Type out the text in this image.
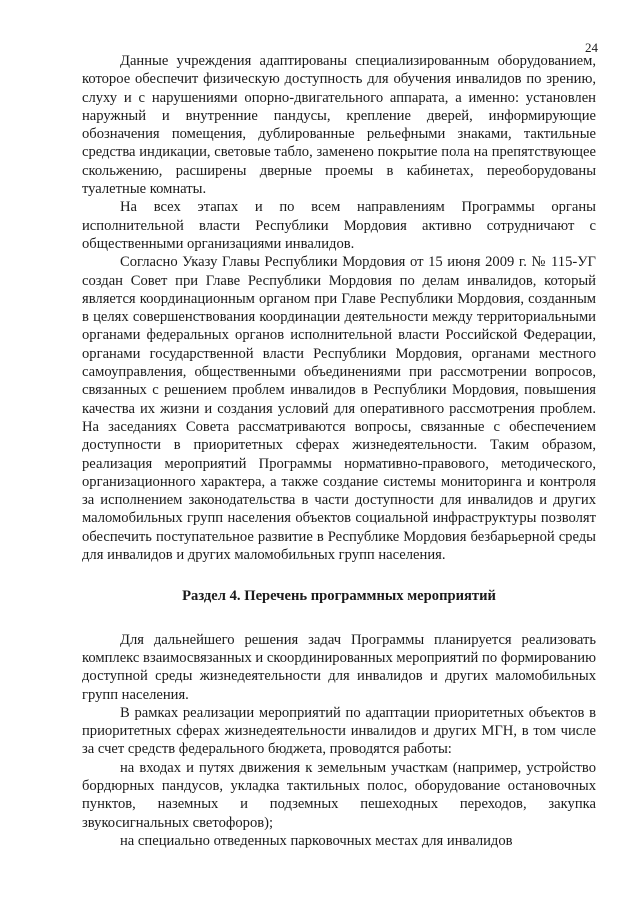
24

Данные учреждения адаптированы специализированным оборудованием, которое обеспечит физическую доступность для обучения инвалидов по зрению, слуху и с нарушениями опорно-двигательного аппарата, а именно: установлен наружный и внутренние пандусы, крепление дверей, информирующие обозначения помещения, дублированные рельефными знаками, тактильные средства индикации, световые табло, заменено покрытие пола на препятствующее скольжению, расширены дверные проемы в кабинетах, переоборудованы туалетные комнаты.

На всех этапах и по всем направлениям Программы органы исполнительной власти Республики Мордовия активно сотрудничают с общественными организациями инвалидов.

Согласно Указу Главы Республики Мордовия от 15 июня 2009 г. № 115-УГ создан Совет при Главе Республики Мордовия по делам инвалидов, который является координационным органом при Главе Республики Мордовия, созданным в целях совершенствования координации деятельности между территориальными органами федеральных органов исполнительной власти Российской Федерации, органами государственной власти Республики Мордовия, органами местного самоуправления, общественными объединениями при рассмотрении вопросов, связанных с решением проблем инвалидов в Республики Мордовия, повышения качества их жизни и создания условий для оперативного рассмотрения проблем. На заседаниях Совета рассматриваются вопросы, связанные с обеспечением доступности в приоритетных сферах жизнедеятельности. Таким образом, реализация мероприятий Программы нормативно-правового, методического, организационного характера, а также создание системы мониторинга и контроля за исполнением законодательства в части доступности для инвалидов и других маломобильных групп населения объектов социальной инфраструктуры позволят обеспечить поступательное развитие в Республике Мордовия безбарьерной среды для инвалидов и других маломобильных групп населения.

Раздел 4. Перечень программных мероприятий

Для дальнейшего решения задач Программы планируется реализовать комплекс взаимосвязанных и скоординированных мероприятий по формированию доступной среды жизнедеятельности для инвалидов и других маломобильных групп населения.

В рамках реализации мероприятий по адаптации приоритетных объектов в приоритетных сферах жизнедеятельности инвалидов и других МГН, в том числе за счет средств федерального бюджета, проводятся работы:

на входах и путях движения к земельным участкам (например, устройство бордюрных пандусов, укладка тактильных полос, оборудование остановочных пунктов, наземных и подземных пешеходных переходов, закупка звукосигнальных светофоров);

на специально отведенных парковочных местах для инвалидов
